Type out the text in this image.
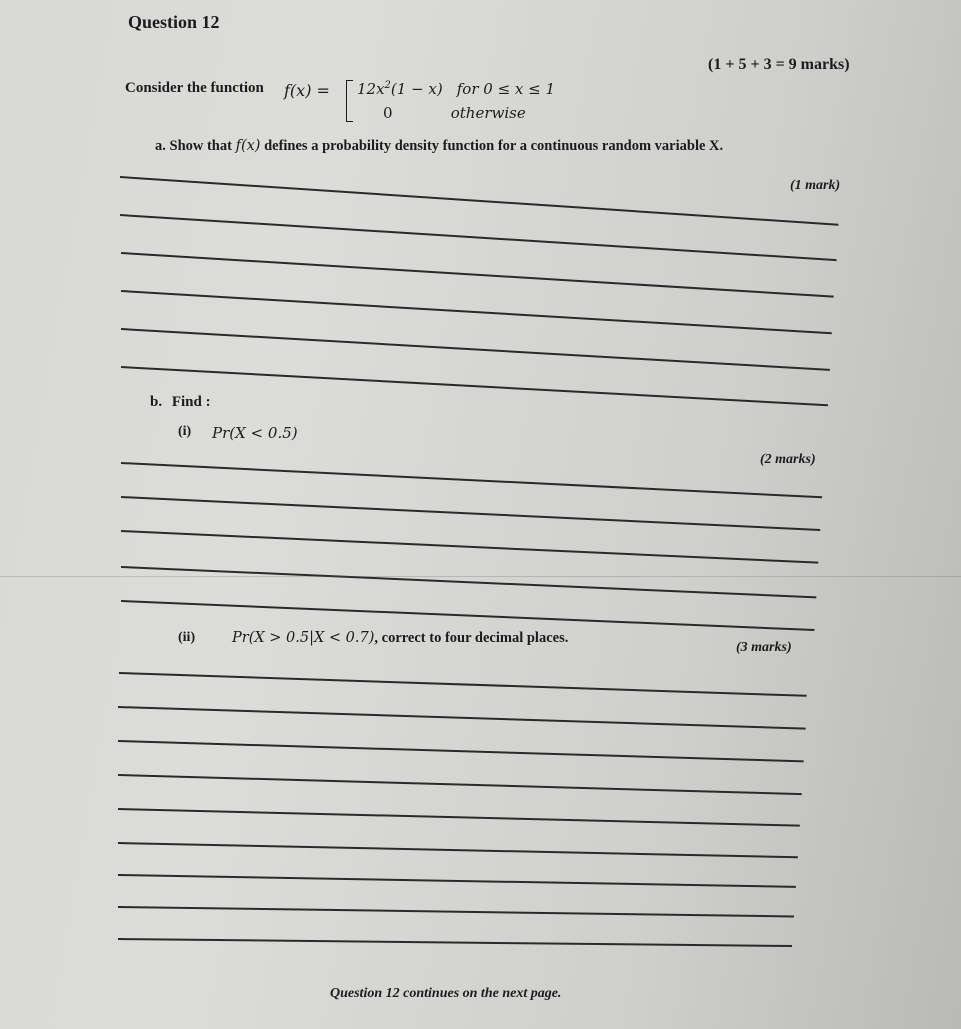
Question 12
(1 + 5 + 3 = 9 marks)
Consider the function $f(x) = 12x^2(1 - x)$
0
for 0 ≤ x ≤ 1
otherwise
a. Show that f(x) defines a probability density function for a continuous random variable X.
(1 mark)
b. Find :
(i) Pr(X < 0.5)
(2 marks)
(ii)	Pr(X > 0.5|X < 0.7), correct to four decimal places.
(3 marks)
Question 12 continues on the next page.
